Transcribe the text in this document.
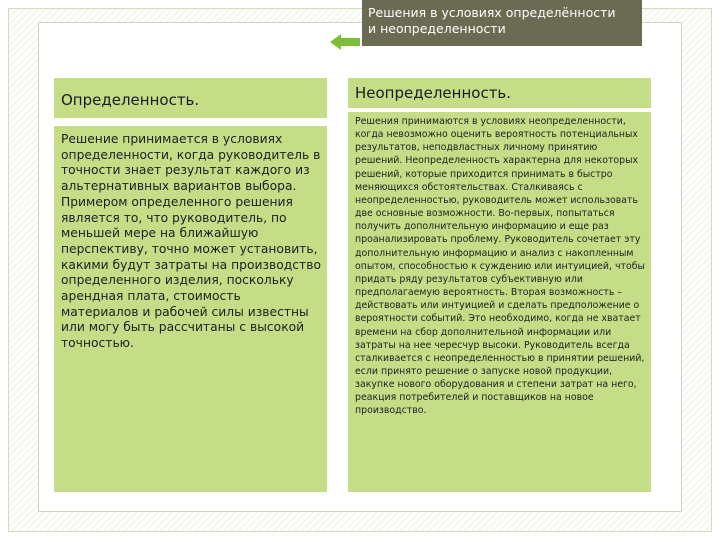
Решения в условиях определённости
и неопределенности
Определенность.	Неопределенность.

Решение принимается в условиях определенности, когда руководитель в точности знает результат каждого из альтернативных вариантов выбора. Примером определенного решения является то, что руководитель, по меньшей мере на ближайшую перспективу, точно может установить, какими будут затраты на производство определенного изделия, поскольку арендная плата, стоимость материалов и рабочей силы известны или могу быть рассчитаны с высокой точностью.

Решения принимаются в условиях неопределенности, когда невозможно оценить вероятность потенциальных результатов, неподвластных личному принятию решений. Неопределенность характерна для некоторых решений, которые приходится принимать в быстро меняющихся обстоятельствах. Сталкиваясь с неопределенностью, руководитель может использовать две основные возможности. Во-первых, попытаться получить дополнительную информацию и еще раз проанализировать проблему. Руководитель сочетает эту дополнительную информацию и анализ с накопленным опытом, способностью к суждению или интуицией, чтобы придать ряду результатов субъективную или предполагаемую вероятность. Вторая возможность – действовать или интуицией и сделать предположение о вероятности событий. Это необходимо, когда не хватает времени на сбор дополнительной информации или затраты на нее чересчур высоки. Руководитель всегда сталкивается с неопределенностью в принятии решений, если принято решение о запуске новой продукции, закупке нового оборудования и степени затрат на него, реакция потребителей и поставщиков на новое производство.
